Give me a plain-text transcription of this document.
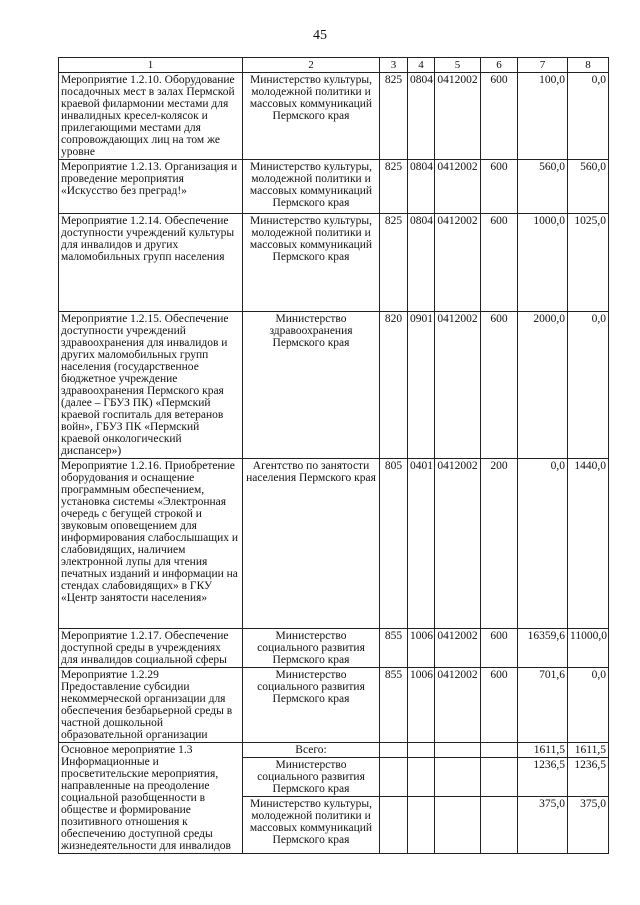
45
1	2	3	4	5	6	7	8
Мероприятие 1.2.10. Оборудование посадочных мест в залах Пермской краевой филармонии местами для инвалидных кресел-колясок и прилегающими местами для сопровождающих лиц на том же уровне	Министерство культуры, молодежной политики и массовых коммуникаций Пермского края	825	0804	0412002	600	100,0	0,0
Мероприятие 1.2.13. Организация и проведение мероприятия «Искусство без преград!»	Министерство культуры, молодежной политики и массовых коммуникаций Пермского края	825	0804	0412002	600	560,0	560,0
Мероприятие 1.2.14. Обеспечение доступности учреждений культуры для инвалидов и других маломобильных групп населения	Министерство культуры, молодежной политики и массовых коммуникаций Пермского края	825	0804	0412002	600	1000,0	1025,0
Мероприятие 1.2.15. Обеспечение доступности учреждений здравоохранения для инвалидов и других маломобильных групп населения (государственное бюджетное учреждение здравоохранения Пермского края (далее – ГБУЗ ПК) «Пермский краевой госпиталь для ветеранов войн», ГБУЗ ПК «Пермский краевой онкологический диспансер»)	Министерство здравоохранения Пермского края	820	0901	0412002	600	2000,0	0,0
Мероприятие 1.2.16. Приобретение оборудования и оснащение программным обеспечением, установка системы «Электронная очередь с бегущей строкой и звуковым оповещением для информирования слабослышащих и слабовидящих, наличием электронной лупы для чтения печатных изданий и информации на стендах слабовидящих» в ГКУ «Центр занятости населения»	Агентство по занятости населения Пермского края	805	0401	0412002	200	0,0	1440,0
Мероприятие 1.2.17. Обеспечение доступной среды в учреждениях для инвалидов социальной сферы	Министерство социального развития Пермского края	855	1006	0412002	600	16359,6	11000,0
Мероприятие 1.2.29 Предоставление субсидии некоммерческой организации для обеспечения безбарьерной среды в частной дошкольной образовательной организации	Министерство социального развития Пермского края	855	1006	0412002	600	701,6	0,0
Основное мероприятие 1.3 Информационные и просветительские мероприятия, направленные на преодоление социальной разобщенности в обществе и формирование позитивного отношения к обеспечению доступной среды жизнедеятельности для инвалидов	Всего:					1611,5	1611,5
	Министерство социального развития Пермского края					1236,5	1236,5
	Министерство культуры, молодежной политики и массовых коммуникаций Пермского края					375,0	375,0
